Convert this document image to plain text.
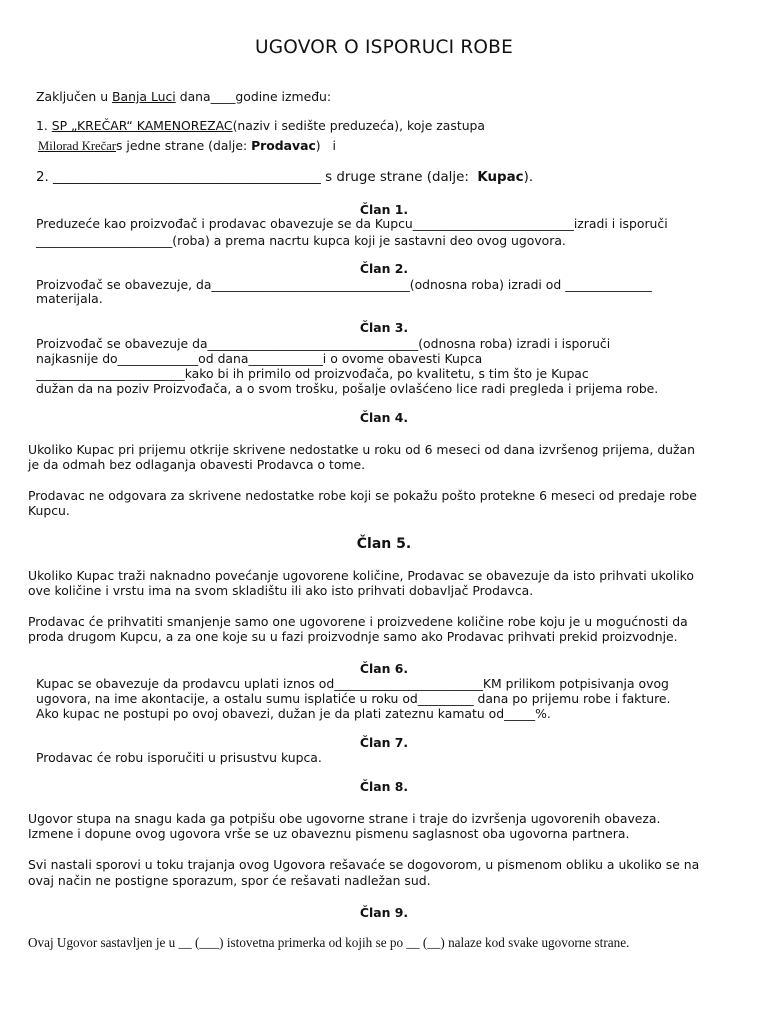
UGOVOR O ISPORUCI ROBE
Zaključen u Banja Luci dana____godine između:
1. SP „KREČAR“ KAMENOREZAC(naziv i sedište preduzeća), koje zastupa
Milorad Krečars jedne strane (dalje: Prodavac)   i
2. ________________________________________ s druge strane (dalje:  Kupac).
Član 1.
Preduzeće kao proizvođač i prodavac obavezuje se da Kupcu__________________________izradi i isporuči
______________________(roba) a prema nacrtu kupca koji je sastavni deo ovog ugovora.
Član 2.
Proizvođač se obavezuje, da________________________________(odnosna roba) izradi od ______________
materijala.
Član 3.
Proizvođač se obavezuje da__________________________________(odnosna roba) izradi i isporuči
najkasnije do_____________od dana____________i o ovome obavesti Kupca
________________________kako bi ih primilo od proizvođača, po kvalitetu, s tim što je Kupac
dužan da na poziv Proizvođača, a o svom trošku, pošalje ovlašćeno lice radi pregleda i prijema robe.
Član 4.
Ukoliko Kupac pri prijemu otkrije skrivene nedostatke u roku od 6 meseci od dana izvršenog prijema, dužan
je da odmah bez odlaganja obavesti Prodavca o tome.
Prodavac ne odgovara za skrivene nedostatke robe koji se pokažu pošto protekne 6 meseci od predaje robe
Kupcu.
Član 5.
Ukoliko Kupac traži naknadno povećanje ugovorene količine, Prodavac se obavezuje da isto prihvati ukoliko
ove količine i vrstu ima na svom skladištu ili ako isto prihvati dobavljač Prodavca.
Prodavac će prihvatiti smanjenje samo one ugovorene i proizvedene količine robe koju je u mogućnosti da
proda drugom Kupcu, a za one koje su u fazi proizvodnje samo ako Prodavac prihvati prekid proizvodnje.
Član 6.
Kupac se obavezuje da prodavcu uplati iznos od________________________KM prilikom potpisivanja ovog
ugovora, na ime akontacije, a ostalu sumu isplatiće u roku od_________ dana po prijemu robe i fakture.
Ako kupac ne postupi po ovoj obavezi, dužan je da plati zateznu kamatu od_____%.
Član 7.
Prodavac će robu isporučiti u prisustvu kupca.
Član 8.
Ugovor stupa na snagu kada ga potpišu obe ugovorne strane i traje do izvršenja ugovorenih obaveza.
Izmene i dopune ovog ugovora vrše se uz obaveznu pismenu saglasnost oba ugovorna partnera.
Svi nastali sporovi u toku trajanja ovog Ugovora rešavaće se dogovorom, u pismenom obliku a ukoliko se na
ovaj način ne postigne sporazum, spor će rešavati nadležan sud.
Član 9.
Ovaj Ugovor sastavljen je u __ (___) istovetna primerka od kojih se po __ (__) nalaze kod svake ugovorne strane.
